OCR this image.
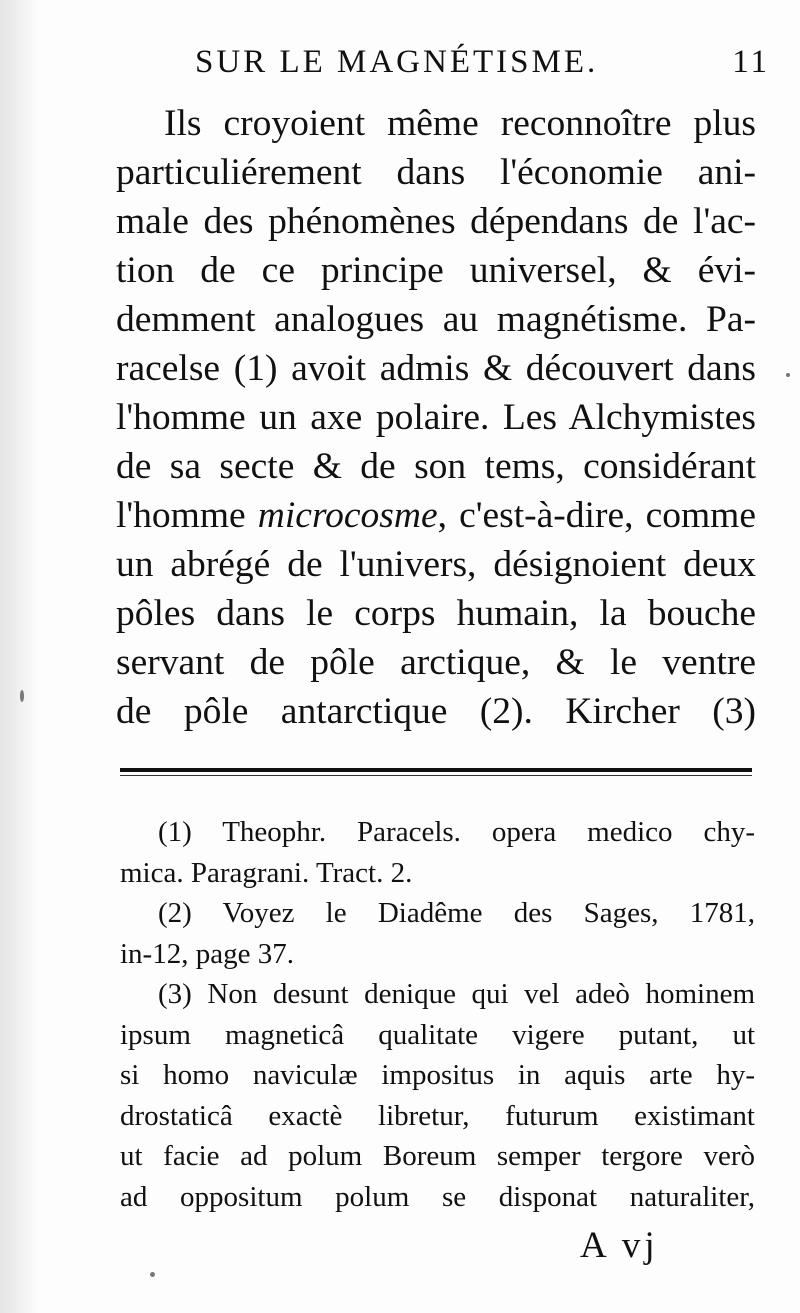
SUR LE MAGNÉTISME.	11
Ils croyoient même reconnoître plus
particuliérement dans l'économie ani-
male des phénomènes dépendans de l'ac-
tion de ce principe universel, & évi-
demment analogues au magnétisme. Pa-
racelse (1) avoit admis & découvert dans
l'homme un axe polaire. Les Alchymistes
de sa secte & de son tems, considérant
l'homme microcosme, c'est-à-dire, comme
un abrégé de l'univers, désignoient deux
pôles dans le corps humain, la bouche
servant de pôle arctique, & le ventre
de pôle antarctique (2). Kircher (3)
(1) Theophr. Paracels. opera medico chy-
mica. Paragrani. Tract. 2.
(2) Voyez le Diadême des Sages, 1781,
in-12, page 37.
(3) Non desunt denique qui vel adeò hominem
ipsum magneticâ qualitate vigere putant, ut
si homo naviculæ impositus in aquis arte hy-
drostaticâ exactè libretur, futurum existimant
ut facie ad polum Boreum semper tergore verò
ad oppositum polum se disponat naturaliter,
A vj
